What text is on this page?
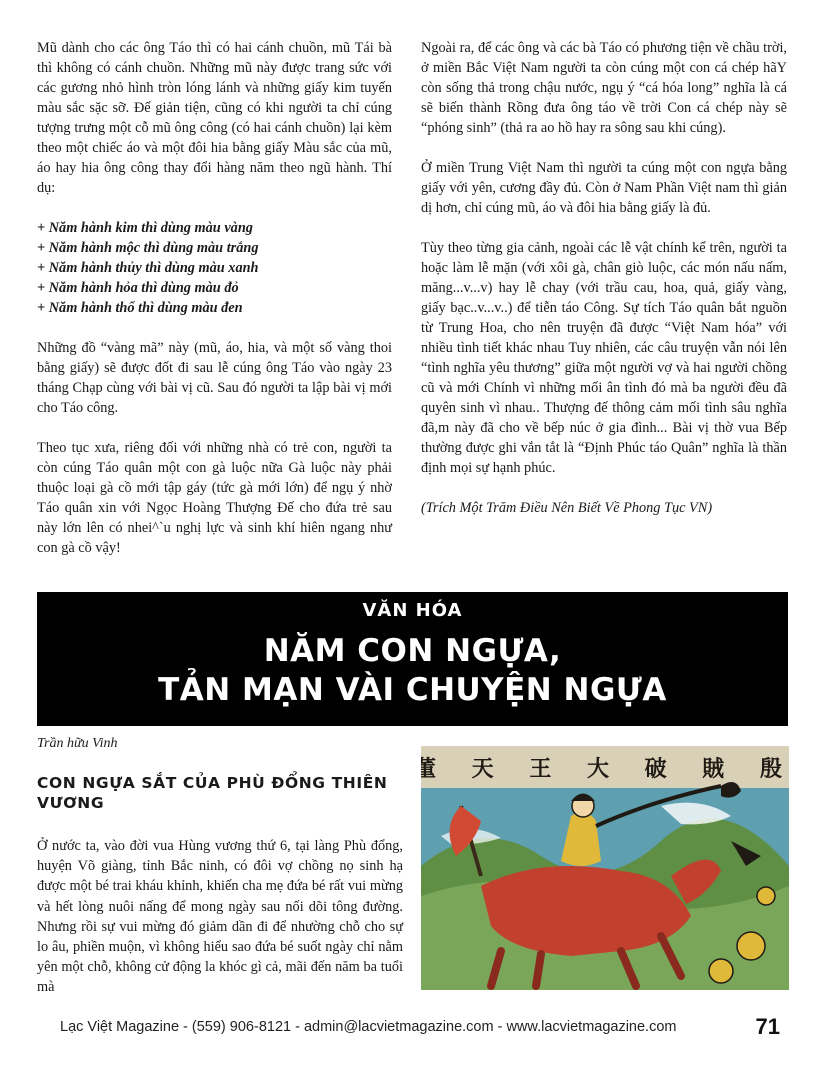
Mũ dành cho các ông Táo thì có hai cánh chuồn, mũ Tái bà thì không có cánh chuồn. Những mũ này được trang sức với các gương nhỏ hình tròn lóng lánh và những giấy kim tuyến màu sắc sặc sỡ. Để giản tiện, cũng có khi người ta chỉ cúng tượng trưng một cỗ mũ ông công (có hai cánh chuồn) lại kèm theo một chiếc áo và một đôi hia bằng giấy Màu sắc của mũ, áo hay hia ông công thay đổi hàng năm theo ngũ hành. Thí dụ:

+ Năm hành kim thì dùng màu vàng
+ Năm hành mộc thì dùng màu trắng
+ Năm hành thủy thì dùng màu xanh
+ Năm hành hỏa thì dùng màu đỏ
+ Năm hành thổ thì dùng màu đen

Những đồ “vàng mã” này (mũ, áo, hia, và một số vàng thoi bằng giấy) sẽ được đốt đi sau lễ cúng ông Táo vào ngày 23 tháng Chạp cùng với bài vị cũ. Sau đó người ta lập bài vị mới cho Táo công.

Theo tục xưa, riêng đối với những nhà có trẻ con, người ta còn cúng Táo quân một con gà luộc nữa Gà luộc này phải thuộc loại gà cồ mới tập gáy (tức gà mới lớn) để ngụ ý nhờ Táo quân xin với Ngọc Hoàng Thượng Đế cho đứa trẻ sau này lớn lên có nhei^`u nghị lực và sinh khí hiên ngang như con gà cồ vậy!

Ngoài ra, để các ông và các bà Táo có phương tiện về chầu trời, ở miền Bắc Việt Nam người ta còn cúng một con cá chép hãY còn sống thả trong chậu nước, ngụ ý “cá hóa long” nghĩa là cá sẽ biến thành Rồng đưa ông táo về trời Con cá chép này sẽ “phóng sinh” (thả ra ao hồ hay ra sông sau khi cúng).

Ở miền Trung Việt Nam thì người ta cúng một con ngựa bằng giấy với yên, cương đầy đủ. Còn ở Nam Phần Việt nam thì giản dị hơn, chỉ cúng mũ, áo và đôi hia bằng giấy là đủ.

Tùy theo từng gia cảnh, ngoài các lễ vật chính kể trên, người ta hoặc làm lễ mặn (với xôi gà, chân giò luộc, các món nấu nấm, măng...v...v) hay lễ chay (với trầu cau, hoa, quả, giấy vàng, giấy bạc..v...v..) để tiễn táo Công. Sự tích Táo quân bắt nguồn từ Trung Hoa, cho nên truyện đã được “Việt Nam hóa” với nhiều tình tiết khác nhau Tuy nhiên, các câu truyện vẫn nói lên “tình nghĩa yêu thương” giữa một người vợ và hai người chồng cũ và mới Chính vì những mối ân tình đó mà ba người đều đã quyên sinh vì nhau.. Thượng đế thông cảm mối tình sâu nghĩa đã,m này đã cho về bếp núc ở gia đình... Bài vị thờ vua Bếp thường được ghi vắn tắt là “Định Phúc táo Quân” nghĩa là thần định mọi sự hạnh phúc.

(Trích Một Trăm Điều Nên Biết Về Phong Tục VN)

VĂN HÓA
NĂM CON NGỰA,
TẢN MẠN VÀI CHUYỆN NGỰA
Trần hữu Vinh
CON NGỰA SẮT CỦA PHÙ ĐỔNG THIÊN VƯƠNG

Ở nước ta, vào đời vua Hùng vương thứ 6, tại làng Phù đổng, huyện Võ giàng, tỉnh Bắc ninh, có đôi vợ chồng nọ sinh hạ được một bé trai kháu khỉnh, khiến cha mẹ đứa bé rất vui mừng và hết lòng nuôi nấng để mong ngày sau nối dõi tông đường. Nhưng rồi sự vui mừng đó giảm dần đi để nhường chỗ cho sự lo âu, phiền muộn, vì không hiểu sao đứa bé suốt ngày chỉ nằm yên một chỗ, không cử động la khóc gì cả, mãi đến năm ba tuổi mà

董 天 王 大 破 賊 殷
Lạc Việt Magazine - (559) 906-8121 - admin@lacvietmagazine.com - www.lacvietmagazine.com	71
